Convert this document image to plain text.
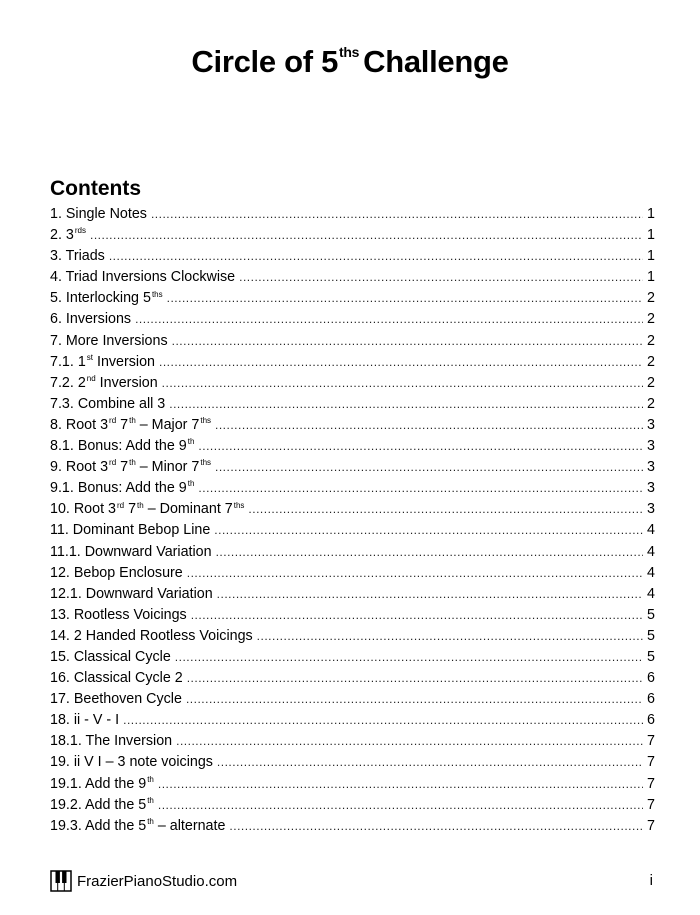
Circle of $5^{ths}$ Challenge
Contents
1. Single Notes .....	1
2. $3^{rds}$ .....	1
3. Triads .....	1
4. Triad Inversions Clockwise .....	1
5. Interlocking $5^{ths}$ .....	2
6. Inversions .....	2
7. More Inversions .....	2
7.1. 1st Inversion .....	2
7.2. 2nd Inversion .....	2
7.3. Combine all 3 .....	2
8. Root 3rd 7th – Major $7^{ths}$ .....	3
8.1. Bonus: Add the 9th .....	3
9. Root 3rd 7th – Minor $7^{ths}$ .....	3
9.1. Bonus: Add the 9th .....	3
10. Root 3rd 7th – Dominant $7^{ths}$ .....	3
11. Dominant Bebop Line .....	4
11.1. Downward Variation .....	4
12. Bebop Enclosure .....	4
12.1. Downward Variation .....	4
13. Rootless Voicings .....	5
14. 2 Handed Rootless Voicings .....	5
15. Classical Cycle .....	5
16. Classical Cycle 2 .....	6
17. Beethoven Cycle .....	6
18. ii - V - I .....	6
18.1. The Inversion .....	7
19. ii V I – 3 note voicings .....	7
19.1. Add the 9th .....	7
19.2. Add the 5th .....	7
19.3. Add the 5th – alternate .....	7
FrazierPianoStudio.com	i
